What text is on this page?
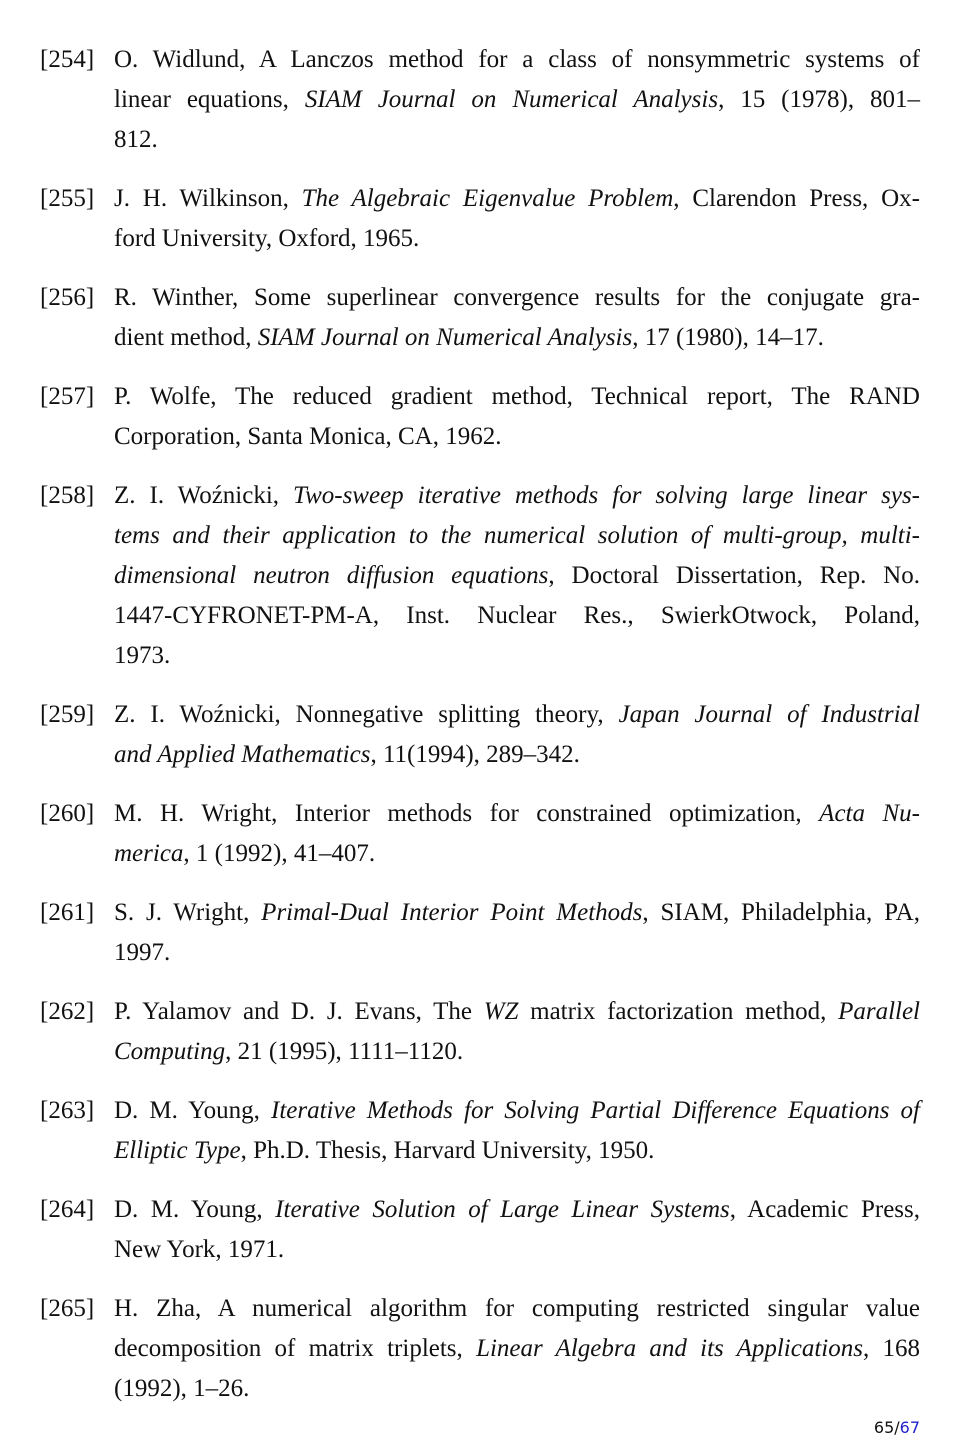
[254] O. Widlund, A Lanczos method for a class of nonsymmetric systems of
linear equations, SIAM Journal on Numerical Analysis, 15 (1978), 801–
812.
[255] J. H. Wilkinson, The Algebraic Eigenvalue Problem, Clarendon Press, Ox-
ford University, Oxford, 1965.
[256] R. Winther, Some superlinear convergence results for the conjugate gra-
dient method, SIAM Journal on Numerical Analysis, 17 (1980), 14–17.
[257] P. Wolfe, The reduced gradient method, Technical report, The RAND
Corporation, Santa Monica, CA, 1962.
[258] Z. I. Woźnicki, Two-sweep iterative methods for solving large linear sys-
tems and their application to the numerical solution of multi-group, multi-
dimensional neutron diffusion equations, Doctoral Dissertation, Rep. No.
1447-CYFRONET-PM-A, Inst. Nuclear Res., SwierkOtwock, Poland,
1973.
[259] Z. I. Woźnicki, Nonnegative splitting theory, Japan Journal of Industrial
and Applied Mathematics, 11(1994), 289–342.
[260] M. H. Wright, Interior methods for constrained optimization, Acta Nu-
merica, 1 (1992), 41–407.
[261] S. J. Wright, Primal-Dual Interior Point Methods, SIAM, Philadelphia, PA,
1997.
[262] P. Yalamov and D. J. Evans, The WZ matrix factorization method, Parallel
Computing, 21 (1995), 1111–1120.
[263] D. M. Young, Iterative Methods for Solving Partial Difference Equations of
Elliptic Type, Ph.D. Thesis, Harvard University, 1950.
[264] D. M. Young, Iterative Solution of Large Linear Systems, Academic Press,
New York, 1971.
[265] H. Zha, A numerical algorithm for computing restricted singular value
decomposition of matrix triplets, Linear Algebra and its Applications, 168
(1992), 1–26.
65/67
